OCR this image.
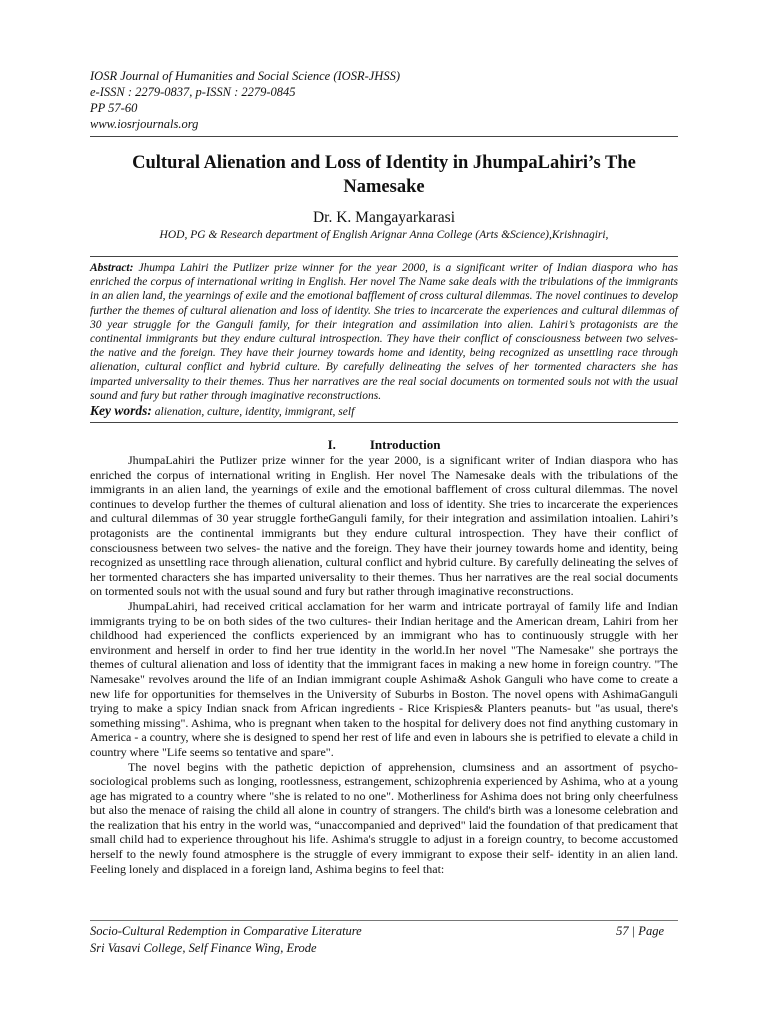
IOSR Journal of Humanities and Social Science (IOSR-JHSS)
e-ISSN : 2279-0837, p-ISSN : 2279-0845
PP 57-60
www.iosrjournals.org
Cultural Alienation and Loss of Identity in JhumpaLahiri’s The
Namesake
Dr. K. Mangayarkarasi
HOD, PG & Research department of English Arignar Anna College (Arts &Science),Krishnagiri,
Abstract: Jhumpa Lahiri the Putlizer prize winner for the year 2000, is a significant writer of Indian diaspora who has enriched the corpus of international writing in English. Her novel The Name sake deals with the tribulations of the immigrants in an alien land, the yearnings of exile and the emotional bafflement of cross cultural dilemmas. The novel continues to develop further the themes of cultural alienation and loss of identity. She tries to incarcerate the experiences and cultural dilemmas of 30 year struggle for the Ganguli family, for their integration and assimilation into alien. Lahiri’s protagonists are the continental immigrants but they endure cultural introspection. They have their conflict of consciousness between two selves- the native and the foreign. They have their journey towards home and identity, being recognized as unsettling race through alienation, cultural conflict and hybrid culture. By carefully delineating the selves of her tormented characters she has imparted universality to their themes. Thus her narratives are the real social documents on tormented souls not with the usual sound and fury but rather through imaginative reconstructions.
Key words: alienation, culture, identity, immigrant, self
I.	Introduction

JhumpaLahiri the Putlizer prize winner for the year 2000, is a significant writer of Indian diaspora who has enriched the corpus of international writing in English. Her novel The Namesake deals with the tribulations of the immigrants in an alien land, the yearnings of exile and the emotional bafflement of cross cultural dilemmas. The novel continues to develop further the themes of cultural alienation and loss of identity. She tries to incarcerate the experiences and cultural dilemmas of 30 year struggle fortheGanguli family, for their integration and assimilation intoalien. Lahiri’s protagonists are the continental immigrants but they endure cultural introspection. They have their conflict of consciousness between two selves- the native and the foreign. They have their journey towards home and identity, being recognized as unsettling race through alienation, cultural conflict and hybrid culture. By carefully delineating the selves of her tormented characters she has imparted universality to their themes. Thus her narratives are the real social documents on tormented souls not with the usual sound and fury but rather through imaginative reconstructions.

JhumpaLahiri, had received critical acclamation for her warm and intricate portrayal of family life and Indian immigrants trying to be on both sides of the two cultures- their Indian heritage and the American dream, Lahiri from her childhood had experienced the conflicts experienced by an immigrant who has to continuously struggle with her environment and herself in order to find her true identity in the world.In her novel "The Namesake" she portrays the themes of cultural alienation and loss of identity that the immigrant faces in making a new home in foreign country. "The Namesake" revolves around the life of an Indian immigrant couple Ashima& Ashok Ganguli who have come to create a new life for opportunities for themselves in the University of Suburbs in Boston. The novel opens with AshimaGanguli trying to make a spicy Indian snack from African ingredients - Rice Krispies& Planters peanuts- but "as usual, there's something missing". Ashima, who is pregnant when taken to the hospital for delivery does not find anything customary in America - a country, where she is designed to spend her rest of life and even in labours she is petrified to elevate a child in country where "Life seems so tentative and spare".

The novel begins with the pathetic depiction of apprehension, clumsiness and an assortment of psycho-sociological problems such as longing, rootlessness, estrangement, schizophrenia experienced by Ashima, who at a young age has migrated to a country where "she is related to no one". Motherliness for Ashima does not bring only cheerfulness but also the menace of raising the child all alone in country of strangers. The child's birth was a lonesome celebration and the realization that his entry in the world was, “unaccompanied and deprived" laid the foundation of that predicament that small child had to experience throughout his life. Ashima's struggle to adjust in a foreign country, to become accustomed herself to the newly found atmosphere is the struggle of every immigrant to expose their self- identity in an alien land. Feeling lonely and displaced in a foreign land, Ashima begins to feel that:

Socio-Cultural Redemption in Comparative Literature	57 | Page
Sri Vasavi College, Self Finance Wing, Erode
